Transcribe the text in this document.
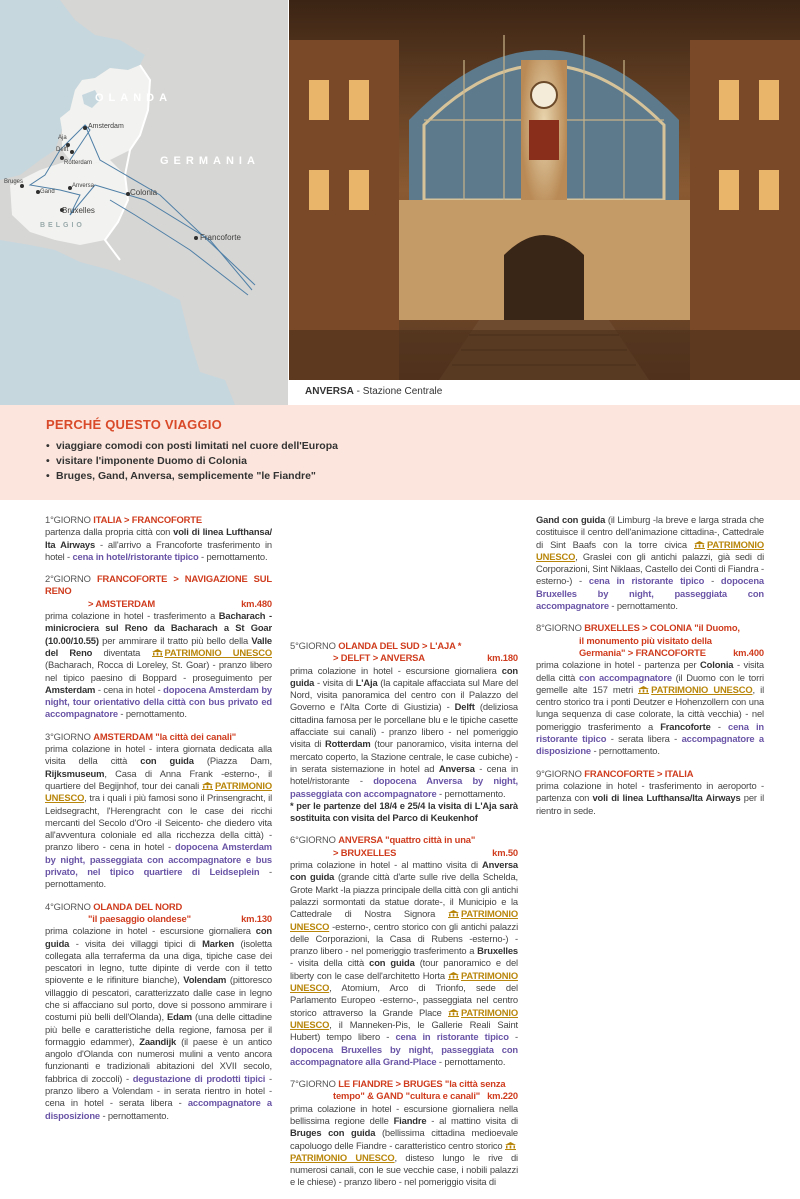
OLANDA
GERMANIA
BELGIO
Aja
Delft
Amsterdam
Rotterdam
Bruges
Gand
Anversa
Bruxelles
Colonia
Francoforte
ANVERSA - Stazione Centrale
PERCHÉ QUESTO VIAGGIO
• viaggiare comodi con posti limitati nel cuore dell'Europa
• visitare l'imponente Duomo di Colonia
• Bruges, Gand, Anversa, semplicemente "le Fiandre"

1°GIORNO ITALIA > FRANCOFORTE
partenza dalla propria città con voli di linea Lufthansa/ Ita Airways - all'arrivo a Francoforte trasferimento in hotel - cena in hotel/ristorante tipico - pernottamento.

2°GIORNO FRANCOFORTE > NAVIGAZIONE SUL RENO
> AMSTERDAM	km.480

prima colazione in hotel - trasferimento a Bacharach - minicrociera sul Reno da Bacharach a St Goar (10.00/10.55) per ammirare il tratto più bello della Valle del Reno diventata PATRIMONIO UNESCO (Bacharach, Rocca di Loreley, St. Goar) - pranzo libero nel tipico paesino di Boppard - proseguimento per Amsterdam - cena in hotel - dopocena Amsterdam by night, tour orientativo della città con bus privato ed accompagnatore - pernottamento.

3°GIORNO AMSTERDAM "la città dei canali"
prima colazione in hotel - intera giornata dedicata alla visita della città con guida (Piazza Dam, Rijksmuseum, Casa di Anna Frank -esterno-, il quartiere del Begijnhof, tour dei canali PATRIMONIO UNESCO, tra i quali i più famosi sono il Prinsengracht, il Leidsegracht, l'Herengracht con le case dei ricchi mercanti del Secolo d'Oro -il Seicento- che diedero vita all'avventura coloniale ed alla ricchezza della città) - pranzo libero - cena in hotel - dopocena Amsterdam by night, passeggiata con accompagnatore e bus privato, nel tipico quartiere di Leidseplein - pernottamento.

4°GIORNO OLANDA DEL NORD
"il paesaggio olandese"	km.130

prima colazione in hotel - escursione giornaliera con guida - visita dei villaggi tipici di Marken (isoletta collegata alla terraferma da una diga, tipiche case dei pescatori in legno, tutte dipinte di verde con il tetto spiovente e le rifiniture bianche), Volendam (pittoresco villaggio di pescatori, caratterizzato dalle case in legno che si affacciano sul porto, dove si possono ammirare i costumi più belli dell'Olanda), Edam (una delle cittadine più belle e caratteristiche della regione, famosa per il formaggio edammer), Zaandijk (il paese è un antico angolo d'Olanda con numerosi mulini a vento ancora funzionanti e tradizionali abitazioni del XVII secolo, fabbrica di zoccoli) - degustazione di prodotti tipici - pranzo libero a Volendam - in serata rientro in hotel - cena in hotel - serata libera - accompagnatore a disposizione - pernottamento.

5°GIORNO OLANDA DEL SUD > L'AJA *
> DELFT > ANVERSA	km.180

prima colazione in hotel - escursione giornaliera con guida - visita di L'Aja (la capitale affacciata sul Mare del Nord, visita panoramica del centro con il Palazzo del Governo e l'Alta Corte di Giustizia) - Delft (deliziosa cittadina famosa per le porcellane blu e le tipiche casette affacciate sui canali) - pranzo libero - nel pomeriggio visita di Rotterdam (tour panoramico, visita interna del mercato coperto, la Stazione centrale, le case cubiche) - in serata sistemazione in hotel ad Anversa - cena in hotel/ristorante - dopocena Anversa by night, passeggiata con accompagnatore - pernottamento.
* per le partenze del 18/4 e 25/4 la visita di L'Aja sarà sostituita con visita del Parco di Keukenhof

6°GIORNO ANVERSA "quattro città in una"
> BRUXELLES	km.50

prima colazione in hotel - al mattino visita di Anversa con guida (grande città d'arte sulle rive della Schelda, Grote Markt -la piazza principale della città con gli antichi palazzi sormontati da statue dorate-, il Municipio e la Cattedrale di Nostra Signora PATRIMONIO UNESCO -esterno-, centro storico con gli antichi palazzi delle Corporazioni, la Casa di Rubens -esterno-) - pranzo libero - nel pomeriggio trasferimento a Bruxelles - visita della città con guida (tour panoramico e del liberty con le case dell'architetto Horta PATRIMONIO UNESCO, Atomium, Arco di Trionfo, sede del Parlamento Europeo -esterno-, passeggiata nel centro storico attraverso la Grande Place PATRIMONIO UNESCO, il Manneken-Pis, le Gallerie Reali Saint Hubert) tempo libero - cena in ristorante tipico - dopocena Bruxelles by night, passeggiata con accompagnatore alla Grand-Place - pernottamento.

7°GIORNO LE FIANDRE > BRUGES "la città senza
tempo" & GAND "cultura e canali" km.220

prima colazione in hotel - escursione giornaliera nella bellissima regione delle Fiandre - al mattino visita di Bruges con guida (bellissima cittadina medioevale capoluogo delle Fiandre - caratteristico centro storico PATRIMONIO UNESCO, disteso lungo le rive di numerosi canali, con le sue vecchie case, i nobili palazzi e le chiese) - pranzo libero - nel pomeriggio visita di

Gand con guida (il Limburg -la breve e larga strada che costituisce il centro dell'animazione cittadina-, Cattedrale di Sint Baafs con la torre civica PATRIMONIO UNESCO, Graslei con gli antichi palazzi, già sedi di Corporazioni, Sint Niklaas, Castello dei Conti di Fiandra -esterno-) - cena in ristorante tipico - dopocena Bruxelles by night, passeggiata con accompagnatore - pernottamento.

8°GIORNO BRUXELLES > COLONIA "il Duomo,
il monumento più visitato della
Germania" > FRANCOFORTE	km.400

prima colazione in hotel - partenza per Colonia - visita della città con accompagnatore (il Duomo con le torri gemelle alte 157 metri PATRIMONIO UNESCO, il centro storico tra i ponti Deutzer e Hohenzollern con una lunga sequenza di case colorate, la città vecchia) - nel pomeriggio trasferimento a Francoforte - cena in ristorante tipico - serata libera - accompagnatore a disposizione - pernottamento.

9°GIORNO FRANCOFORTE > ITALIA
prima colazione in hotel - trasferimento in aeroporto - partenza con voli di linea Lufthansa/Ita Airways per il rientro in sede.
